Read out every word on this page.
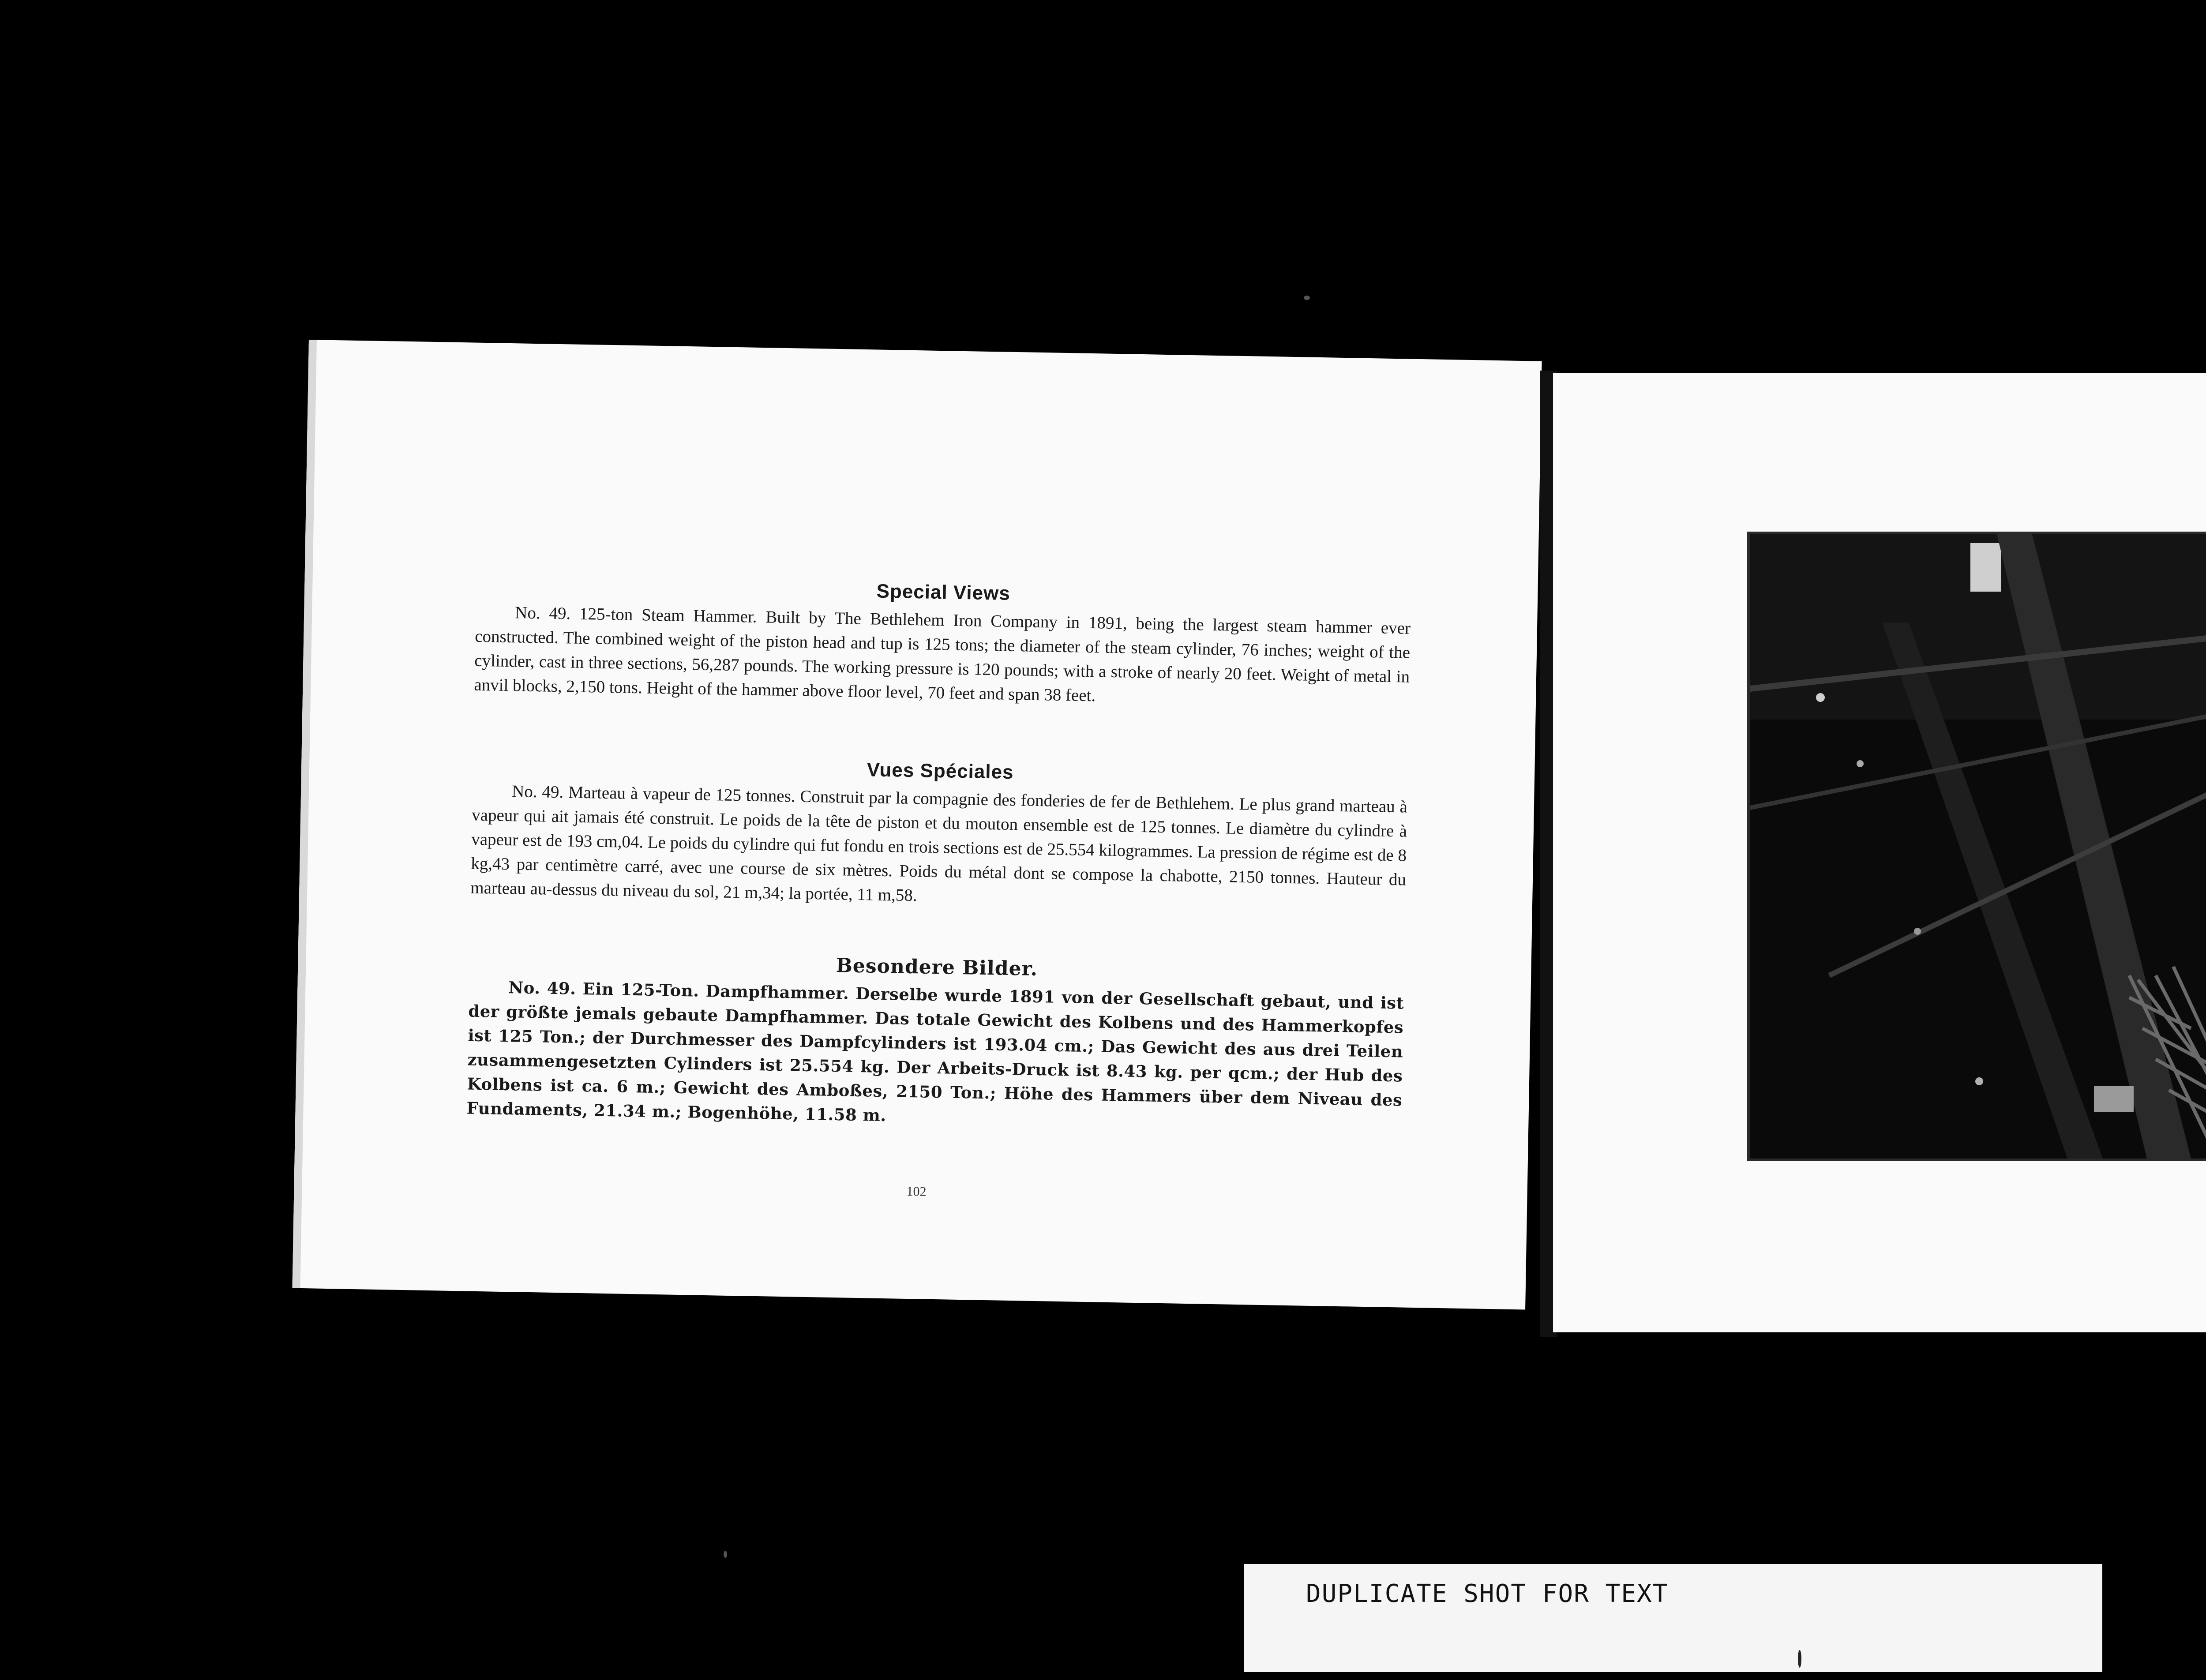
Special Views

No. 49. 125-ton Steam Hammer. Built by The Bethlehem Iron Company in 1891, being the largest steam hammer ever constructed. The combined weight of the piston head and tup is 125 tons; the diameter of the steam cylinder, 76 inches; weight of the cylinder, cast in three sections, 56,287 pounds. The working pressure is 120 pounds; with a stroke of nearly 20 feet. Weight of metal in anvil blocks, 2,150 tons. Height of the hammer above floor level, 70 feet and span 38 feet.

Vues Spéciales

No. 49. Marteau à vapeur de 125 tonnes. Construit par la compagnie des fonderies de fer de Bethlehem. Le plus grand marteau à vapeur qui ait jamais été construit. Le poids de la tête de piston et du mouton ensemble est de 125 tonnes. Le diamètre du cylindre à vapeur est de 193 cm,04. Le poids du cylindre qui fut fondu en trois sections est de 25.554 kilogrammes. La pression de régime est de 8 kg,43 par centimètre carré, avec une course de six mètres. Poids du métal dont se compose la chabotte, 2150 tonnes. Hauteur du marteau au-dessus du niveau du sol, 21 m,34; la portée, 11 m,58.

Besondere Bilder.

No. 49. Ein 125-Ton. Dampfhammer. Derselbe wurde 1891 von der Gesellschaft gebaut, und ist der größte jemals gebaute Dampfhammer. Das totale Gewicht des Kolbens und des Hammerkopfes ist 125 Ton.; der Durchmesser des Dampfcylinders ist 193.04 cm.; Das Gewicht des aus drei Teilen zusammengesetzten Cylinders ist 25.554 kg. Der Arbeits-Druck ist 8.43 kg. per qcm.; der Hub des Kolbens ist ca. 6 m.; Gewicht des Amboßes, 2150 Ton.; Höhe des Hammers über dem Niveau des Fundaments, 21.34 m.; Bogenhöhe, 11.58 m.

102
DUPLICATE SHOT FOR TEXT
